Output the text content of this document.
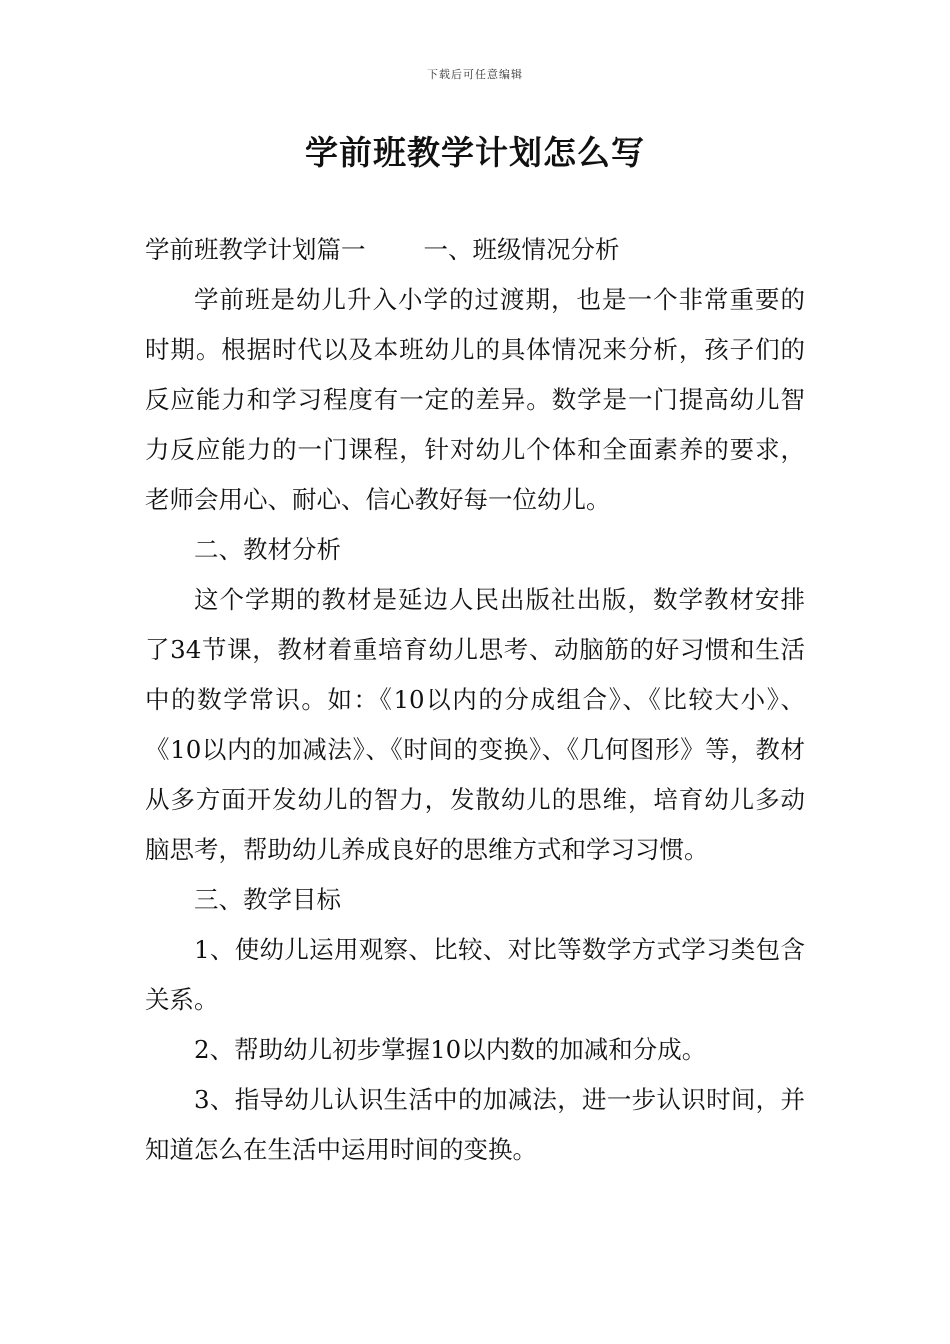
下载后可任意编辑
学前班教学计划怎么写

学前班教学计划篇一 一、班级情况分析

学前班是幼儿升入小学的过渡期，也是一个非常重要的时期。根据时代以及本班幼儿的具体情况来分析，孩子们的反应能力和学习程度有一定的差异。数学是一门提高幼儿智力反应能力的一门课程，针对幼儿个体和全面素养的要求，老师会用心、耐心、信心教好每一位幼儿。

二、教材分析

这个学期的教材是延边人民出版社出版，数学教材安排了34节课，教材着重培育幼儿思考、动脑筋的好习惯和生活中的数学常识。如：《10以内的分成组合》、《比较大小》、《10以内的加减法》、《时间的变换》、《几何图形》等，教材从多方面开发幼儿的智力，发散幼儿的思维，培育幼儿多动脑思考，帮助幼儿养成良好的思维方式和学习习惯。

三、教学目标

1、使幼儿运用观察、比较、对比等数学方式学习类包含关系。

2、帮助幼儿初步掌握10以内数的加减和分成。

3、指导幼儿认识生活中的加减法，进一步认识时间，并知道怎么在生活中运用时间的变换。
